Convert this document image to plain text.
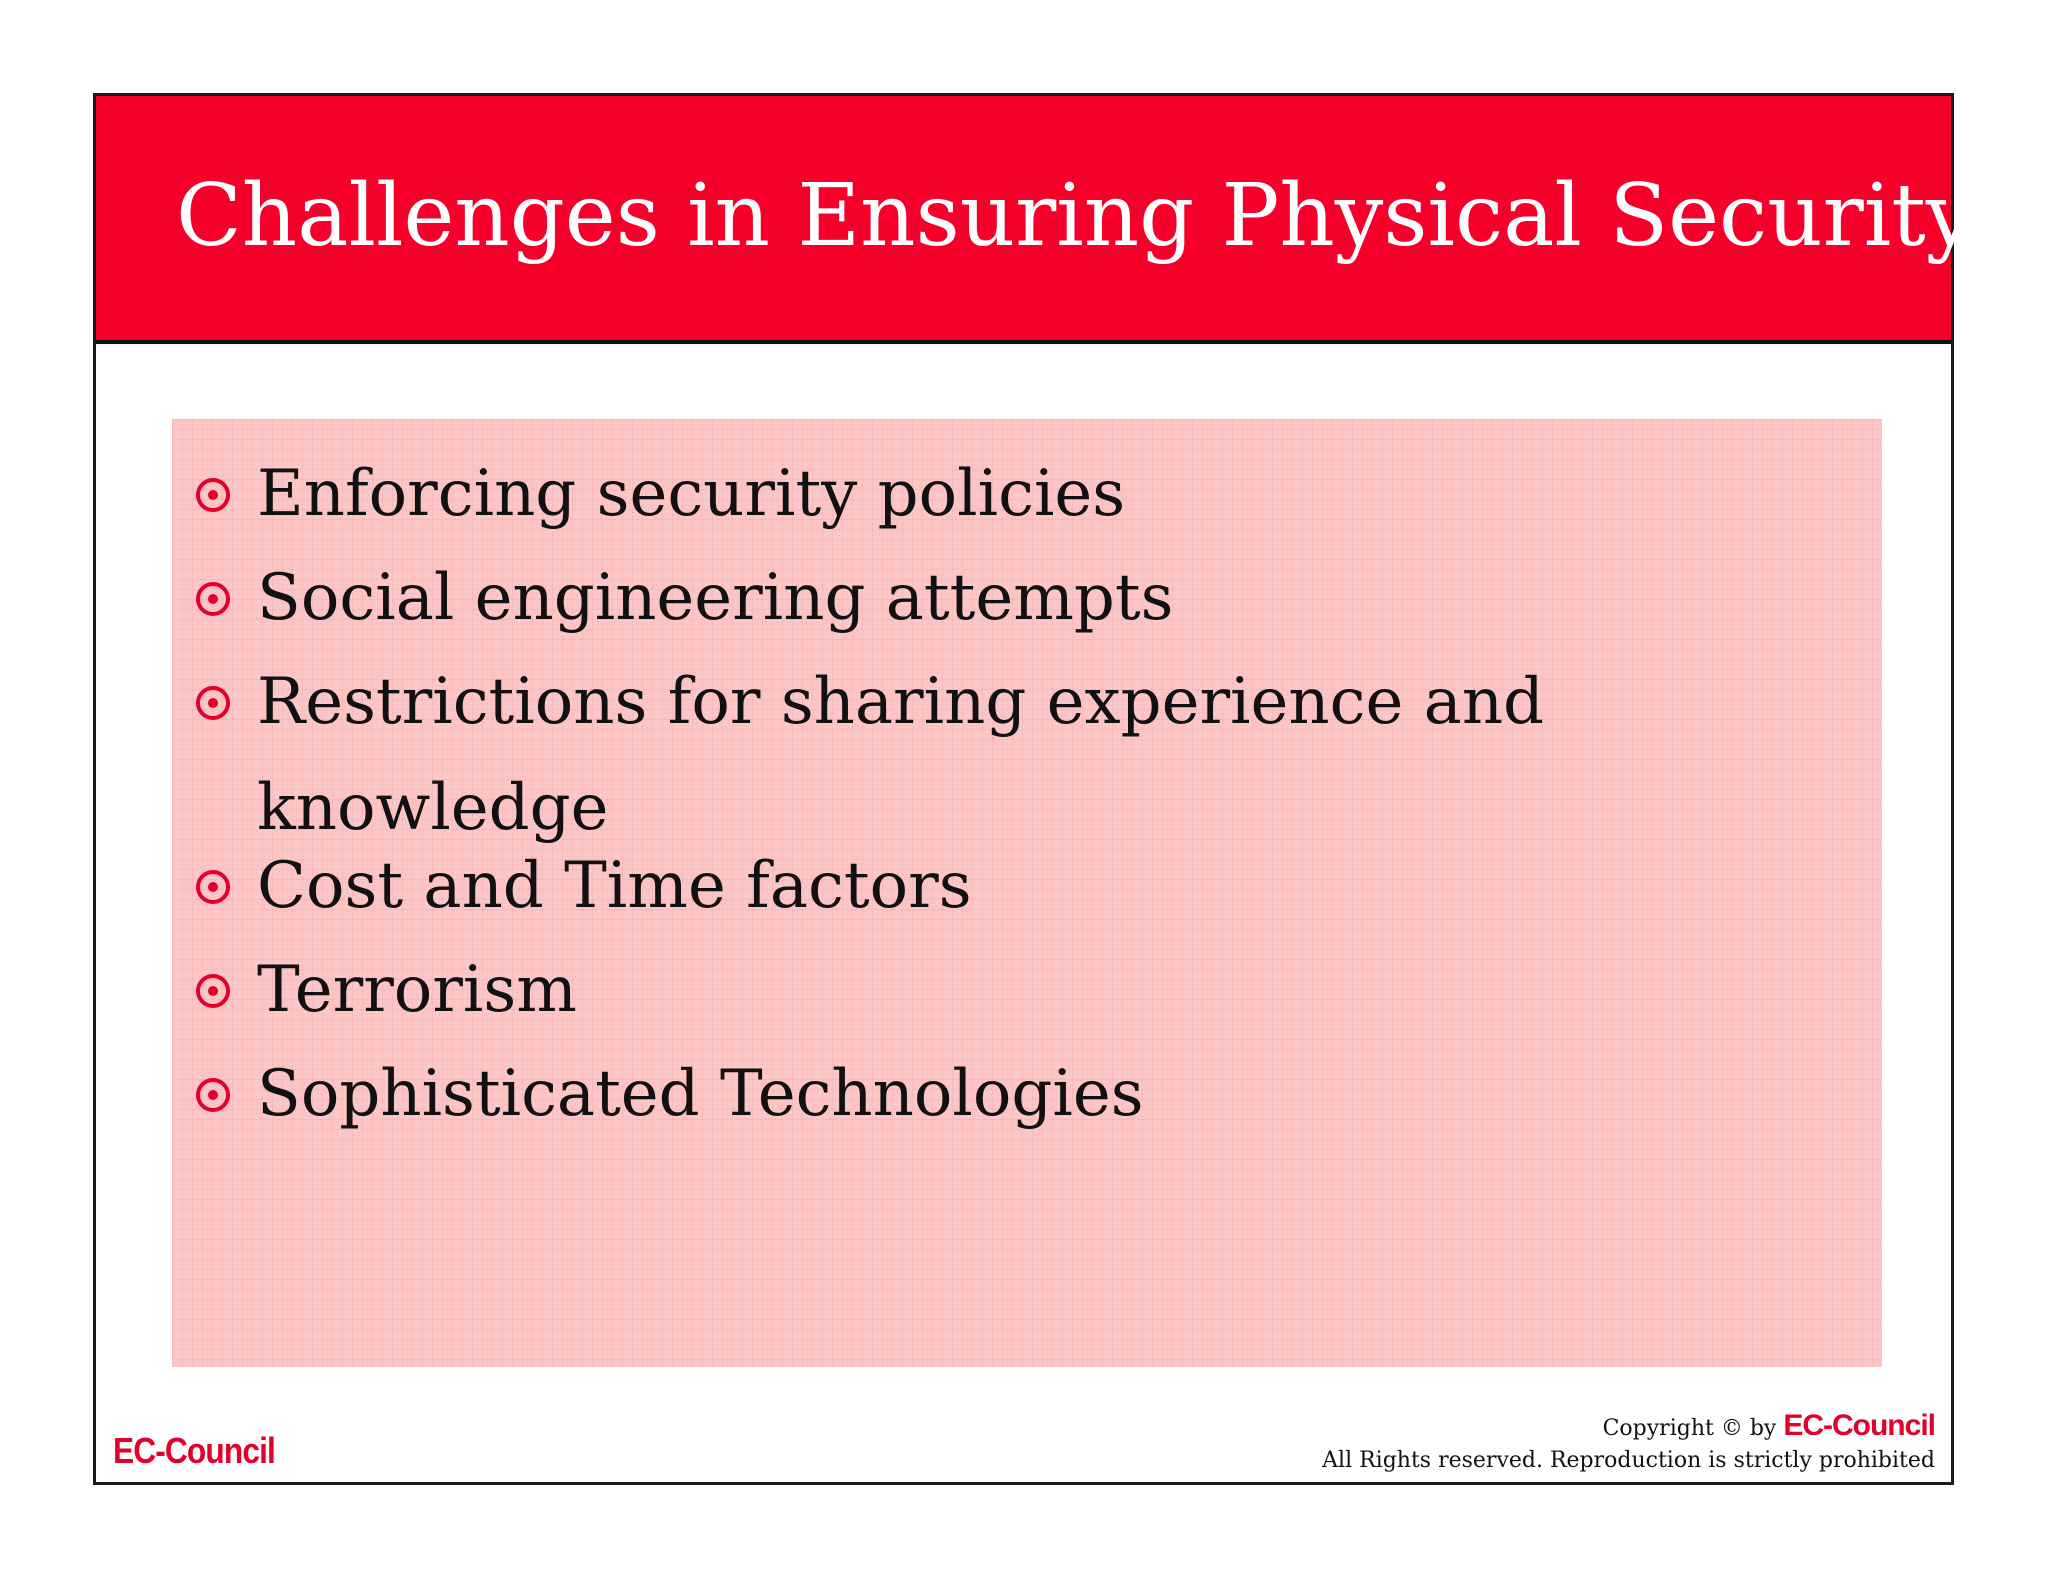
Challenges in Ensuring Physical Security
Enforcing security policies
Social engineering attempts
Restrictions for sharing experience and knowledge
Cost and Time factors
Terrorism
Sophisticated Technologies
EC-Council
Copyright © by EC-Council
All Rights reserved. Reproduction is strictly prohibited
